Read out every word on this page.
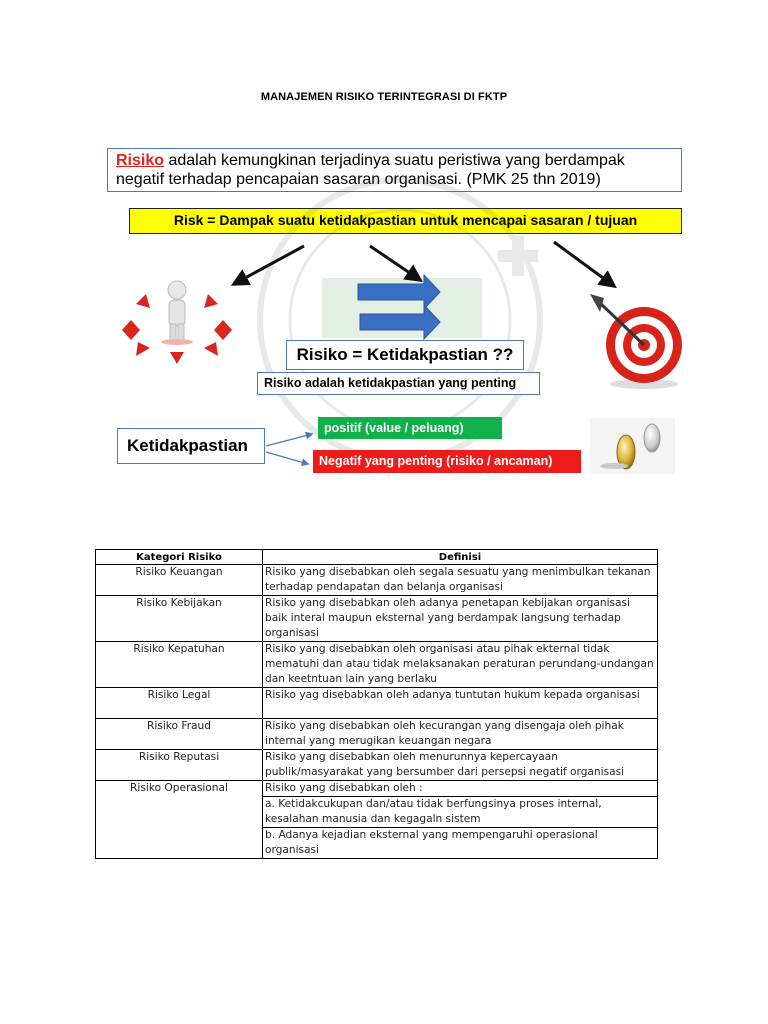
MANAJEMEN RISIKO TERINTEGRASI DI FKTP
Risiko adalah kemungkinan terjadinya suatu peristiwa yang berdampak negatif terhadap pencapaian sasaran organisasi. (PMK 25 thn 2019)
Risk = Dampak suatu ketidakpastian untuk mencapai sasaran / tujuan
Risiko = Ketidakpastian ??
Risiko adalah ketidakpastian yang penting
Ketidakpastian
positif (value / peluang)
Negatif yang penting (risiko / ancaman)
Kategori Risiko	Definisi
Risiko Keuangan	Risiko yang disebabkan oleh segala sesuatu yang menimbulkan tekanan terhadap pendapatan dan belanja organisasi
Risiko Kebijakan	Risiko yang disebabkan oleh adanya penetapan kebijakan organisasi baik interal maupun eksternal yang berdampak langsung terhadap organisasi
Risiko Kepatuhan	Risiko yang disebabkan oleh organisasi atau pihak ekternal tidak mematuhi dan atau tidak melaksanakan peraturan perundang-undangan dan keetntuan lain yang berlaku
Risiko Legal	Risiko yag disebabkan oleh adanya tuntutan hukum kepada organisasi
Risiko Fraud	Risiko yang disebabkan oleh kecurangan yang disengaja oleh pihak internal yang merugikan keuangan negara
Risiko Reputasi	Risiko yang disebabkan oleh menurunnya kepercayaan publik/masyarakat yang bersumber dari persepsi negatif organisasi
Risiko Operasional	Risiko yang disebabkan oleh :
	a. Ketidakcukupan dan/atau tidak berfungsinya proses internal, kesalahan manusia dan kegagaln sistem
	b. Adanya kejadian eksternal yang mempengaruhi operasional organisasi
